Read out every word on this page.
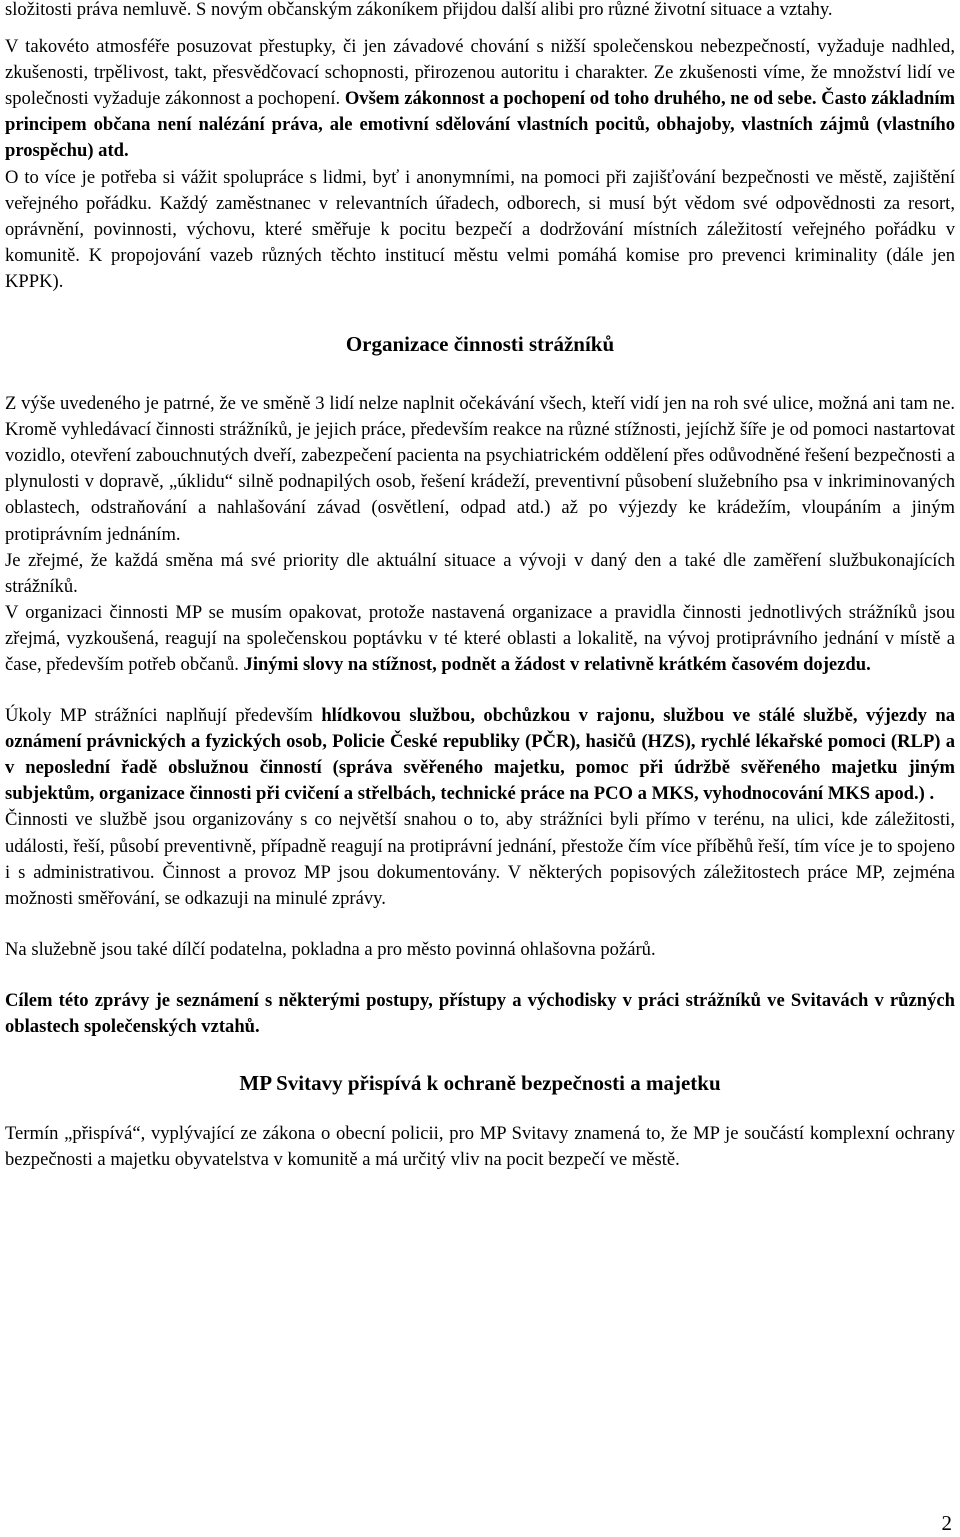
složitosti práva nemluvě. S novým občanským zákoníkem přijdou další alibi pro různé životní situace a vztahy.

V takovéto atmosféře posuzovat přestupky, či jen závadové chování s nižší společenskou nebezpečností, vyžaduje nadhled, zkušenosti, trpělivost, takt, přesvědčovací schopnosti, přirozenou autoritu i charakter. Ze zkušenosti víme, že množství lidí ve společnosti vyžaduje zákonnost a pochopení. Ovšem zákonnost a pochopení od toho druhého, ne od sebe. Často základním principem občana není nalézání práva, ale emotivní sdělování vlastních pocitů, obhajoby, vlastních zájmů (vlastního prospěchu) atd.

O to více je potřeba si vážit spolupráce s lidmi, byť i anonymními, na pomoci při zajišťování bezpečnosti ve městě, zajištění veřejného pořádku. Každý zaměstnanec v relevantních úřadech, odborech, si musí být vědom své odpovědnosti za resort, oprávnění, povinnosti, výchovu, které směřuje k pocitu bezpečí a dodržování místních záležitostí veřejného pořádku v komunitě. K propojování vazeb různých těchto institucí městu velmi pomáhá komise pro prevenci kriminality (dále jen KPPK).

Organizace činnosti strážníků

Z výše uvedeného je patrné, že ve směně 3 lidí nelze naplnit očekávání všech, kteří vidí jen na roh své ulice, možná ani tam ne. Kromě vyhledávací činnosti strážníků, je jejich práce, především reakce na různé stížnosti, jejíchž šíře je od pomoci nastartovat vozidlo, otevření zabouchnutých dveří, zabezpečení pacienta na psychiatrickém oddělení přes odůvodněné řešení bezpečnosti a plynulosti v dopravě, „úklidu“ silně podnapilých osob, řešení krádeží, preventivní působení služebního psa v inkriminovaných oblastech, odstraňování a nahlašování závad (osvětlení, odpad atd.) až po výjezdy ke krádežím, vloupáním a jiným protiprávním jednáním.

Je zřejmé, že každá směna má své priority dle aktuální situace a vývoji v daný den a také dle zaměření službukonajících strážníků.

V organizaci činnosti MP se musím opakovat, protože nastavená organizace a pravidla činnosti jednotlivých strážníků jsou zřejmá, vyzkoušená, reagují na společenskou poptávku v té které oblasti a lokalitě, na vývoj protiprávního jednání v místě a čase, především potřeb občanů. Jinými slovy na stížnost, podnět a žádost v relativně krátkém časovém dojezdu.

Úkoly MP strážníci naplňují především hlídkovou službou, obchůzkou v rajonu, službou ve stálé službě, výjezdy na oznámení právnických a fyzických osob, Policie České republiky (PČR), hasičů (HZS), rychlé lékařské pomoci (RLP) a v neposlední řadě obslužnou činností (správa svěřeného majetku, pomoc při údržbě svěřeného majetku jiným subjektům, organizace činnosti při cvičení a střelbách, technické práce na PCO a MKS, vyhodnocování MKS apod.) .

Činnosti ve službě jsou organizovány s co největší snahou o to, aby strážníci byli přímo v terénu, na ulici, kde záležitosti, události, řeší, působí preventivně, případně reagují na protiprávní jednání, přestože čím více příběhů řeší, tím více je to spojeno i s administrativou. Činnost a provoz MP jsou dokumentovány. V některých popisových záležitostech práce MP, zejména možnosti směřování, se odkazuji na minulé zprávy.

Na služebně jsou také dílčí podatelna, pokladna a pro město povinná ohlašovna požárů.

Cílem této zprávy je seznámení s některými postupy, přístupy a východisky v práci strážníků ve Svitavách v různých oblastech společenských vztahů.

MP Svitavy přispívá k ochraně bezpečnosti a majetku

Termín „přispívá“, vyplývající ze zákona o obecní policii, pro MP Svitavy znamená to, že MP je součástí komplexní ochrany bezpečnosti a majetku obyvatelstva v komunitě a má určitý vliv na pocit bezpečí ve městě.

2
